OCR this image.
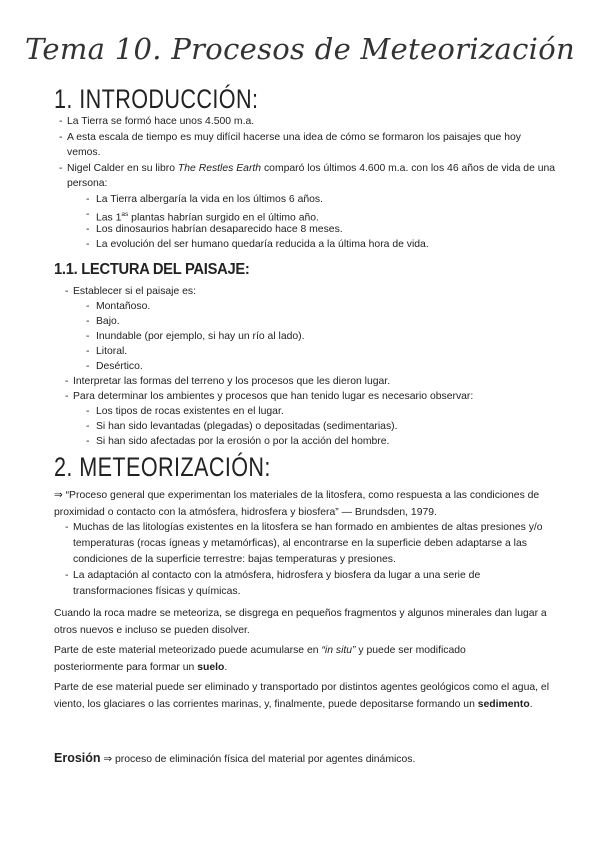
Tema 10. Procesos de Meteorización
1. INTRODUCCIÓN:
- La Tierra se formó hace unos 4.500 m.a.
- A esta escala de tiempo es muy difícil hacerse una idea de cómo se formaron los paisajes que hoy vemos.
- Nigel Calder en su libro The Restles Earth comparó los últimos 4.600 m.a. con los 46 años de vida de una persona:
- La Tierra albergaría la vida en los últimos 6 años.
- Las $1^{as}$ plantas habrían surgido en el último año.
- Los dinosaurios habrían desaparecido hace 8 meses.
- La evolución del ser humano quedaría reducida a la última hora de vida.
1.1. LECTURA DEL PAISAJE:
- Establecer si el paisaje es:
- Montañoso.
- Bajo.
- Inundable (por ejemplo, si hay un río al lado).
- Litoral.
- Desértico.
- Interpretar las formas del terreno y los procesos que les dieron lugar.
- Para determinar los ambientes y procesos que han tenido lugar es necesario observar:
- Los tipos de rocas existentes en el lugar.
- Si han sido levantadas (plegadas) o depositadas (sedimentarias).
- Si han sido afectadas por la erosión o por la acción del hombre.
2. METEORIZACIÓN:
⇒ “Proceso general que experimentan los materiales de la litosfera, como respuesta a las condiciones de proximidad o contacto con la atmósfera, hidrosfera y biosfera” — Brundsden, 1979.
- Muchas de las litologías existentes en la litosfera se han formado en ambientes de altas presiones y/o temperaturas (rocas ígneas y metamórficas), al encontrarse en la superficie deben adaptarse a las condiciones de la superficie terrestre: bajas temperaturas y presiones.
- La adaptación al contacto con la atmósfera, hidrosfera y biosfera da lugar a una serie de transformaciones físicas y químicas.
Cuando la roca madre se meteoriza, se disgrega en pequeños fragmentos y algunos minerales dan lugar a otros nuevos e incluso se pueden disolver.
Parte de este material meteorizado puede acumularse en “in situ” y puede ser modificado posteriormente para formar un suelo.
Parte de ese material puede ser eliminado y transportado por distintos agentes geológicos como el agua, el viento, los glaciares o las corrientes marinas, y, finalmente, puede depositarse formando un sedimento.
Erosión ⇒ proceso de eliminación física del material por agentes dinámicos.
